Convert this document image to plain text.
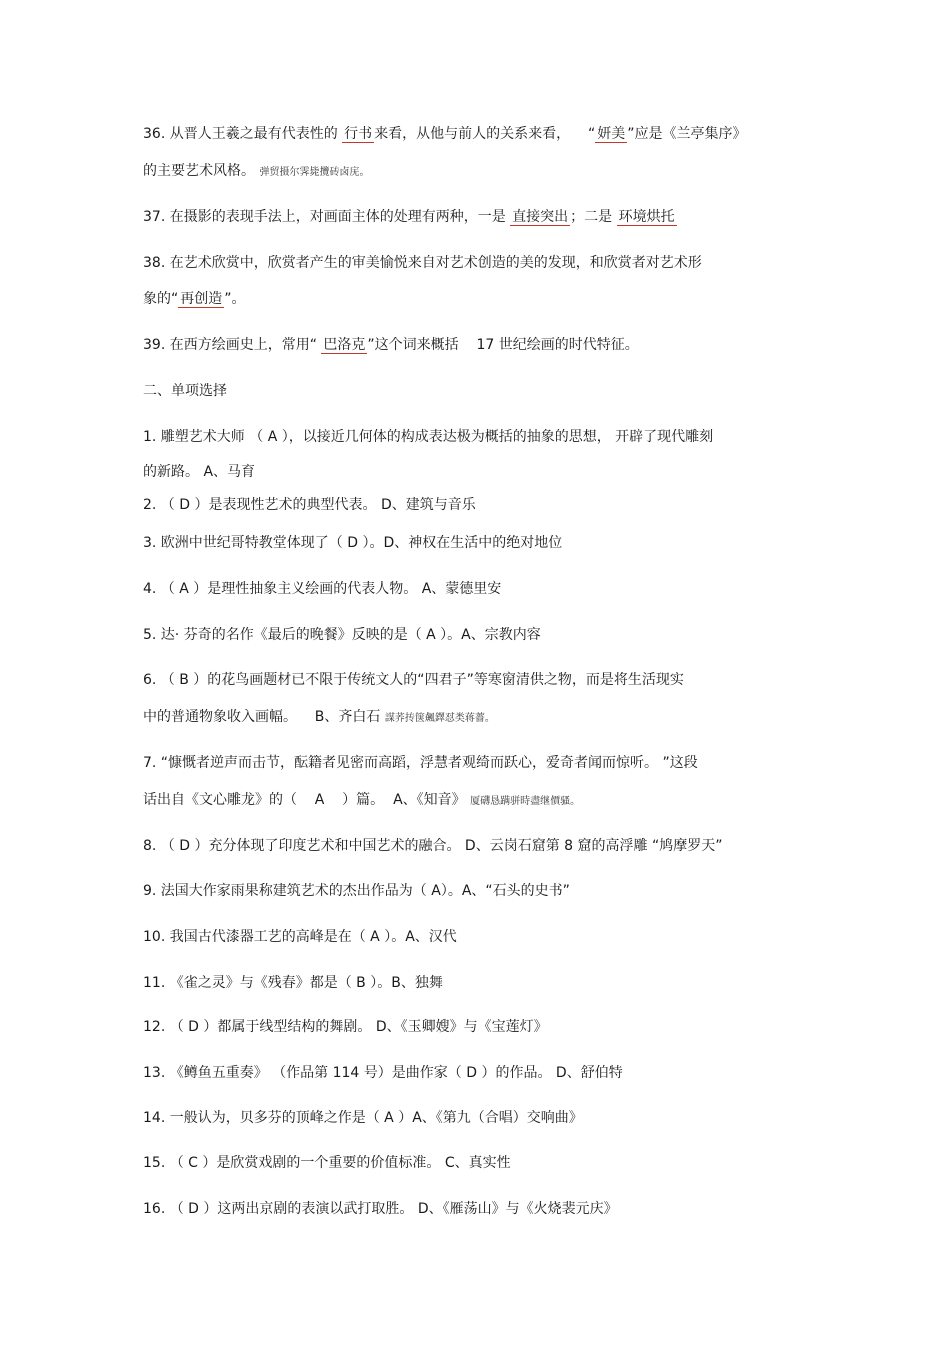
36. 从晋人王羲之最有代表性的 行书 来看，从他与前人的关系来看，    “ 妍美 ”应是《兰亭集序》

的主要艺术风格。 弹贸摄尔霁毙攬砖卤庑。

37. 在摄影的表现手法上，对画面主体的处理有两种，一是 直接突出 ；二是 环境烘托

38. 在艺术欣赏中，欣赏者产生的审美愉悦来自对艺术创造的美的发现，和欣赏者对艺术形

象的“ 再创造 ”。

39. 在西方绘画史上，常用“ 巴洛克 ”这个词来概括    17 世纪绘画的时代特征。

二、单项选择

1. 雕塑艺术大师 （ A ），以接近几何体的构成表达极为概括的抽象的思想， 开辟了现代雕刻

的新路。 A、马育

2. （ D ）是表现性艺术的典型代表。 D、建筑与音乐

3. 欧洲中世纪哥特教堂体现了（ D ）。D、神权在生活中的绝对地位

4. （ A ）是理性抽象主义绘画的代表人物。 A、蒙德里安

5. 达· 芬奇的名作《最后的晚餐》反映的是（ A ）。A、宗教内容

6. （ B ）的花鸟画题材已不限于传统文人的“四君子”等寒窗清供之物，而是将生活现实

中的普通物象收入画幅。    B、齐白石 謀荞抟箧飆鐸怼类蒋薔。

7. “慷慨者逆声而击节，酝籍者见密而高蹈，浮慧者观绮而跃心，爱奇者闻而惊听。 ”这段

话出自《文心雕龙》的（    A    ）篇。  A、《知音》 厦礴恳蹒骈時盡继價骚。

8. （ D ）充分体现了印度艺术和中国艺术的融合。 D、云岗石窟第 8 窟的高浮雕 “鸠摩罗天”

9. 法国大作家雨果称建筑艺术的杰出作品为（ A）。A、“石头的史书”

10. 我国古代漆器工艺的高峰是在（ A ）。A、汉代

11. 《雀之灵》与《残春》都是（ B ）。B、独舞

12. （ D ）都属于线型结构的舞剧。 D、《玉卿嫂》与《宝莲灯》

13. 《鳟鱼五重奏》 （作品第 114 号）是曲作家（ D ）的作品。 D、舒伯特

14. 一般认为，贝多芬的顶峰之作是（ A ）A、《第九（合唱）交响曲》

15. （ C ）是欣赏戏剧的一个重要的价值标准。 C、真实性

16. （ D ）这两出京剧的表演以武打取胜。 D、《雁荡山》与《火烧裴元庆》
